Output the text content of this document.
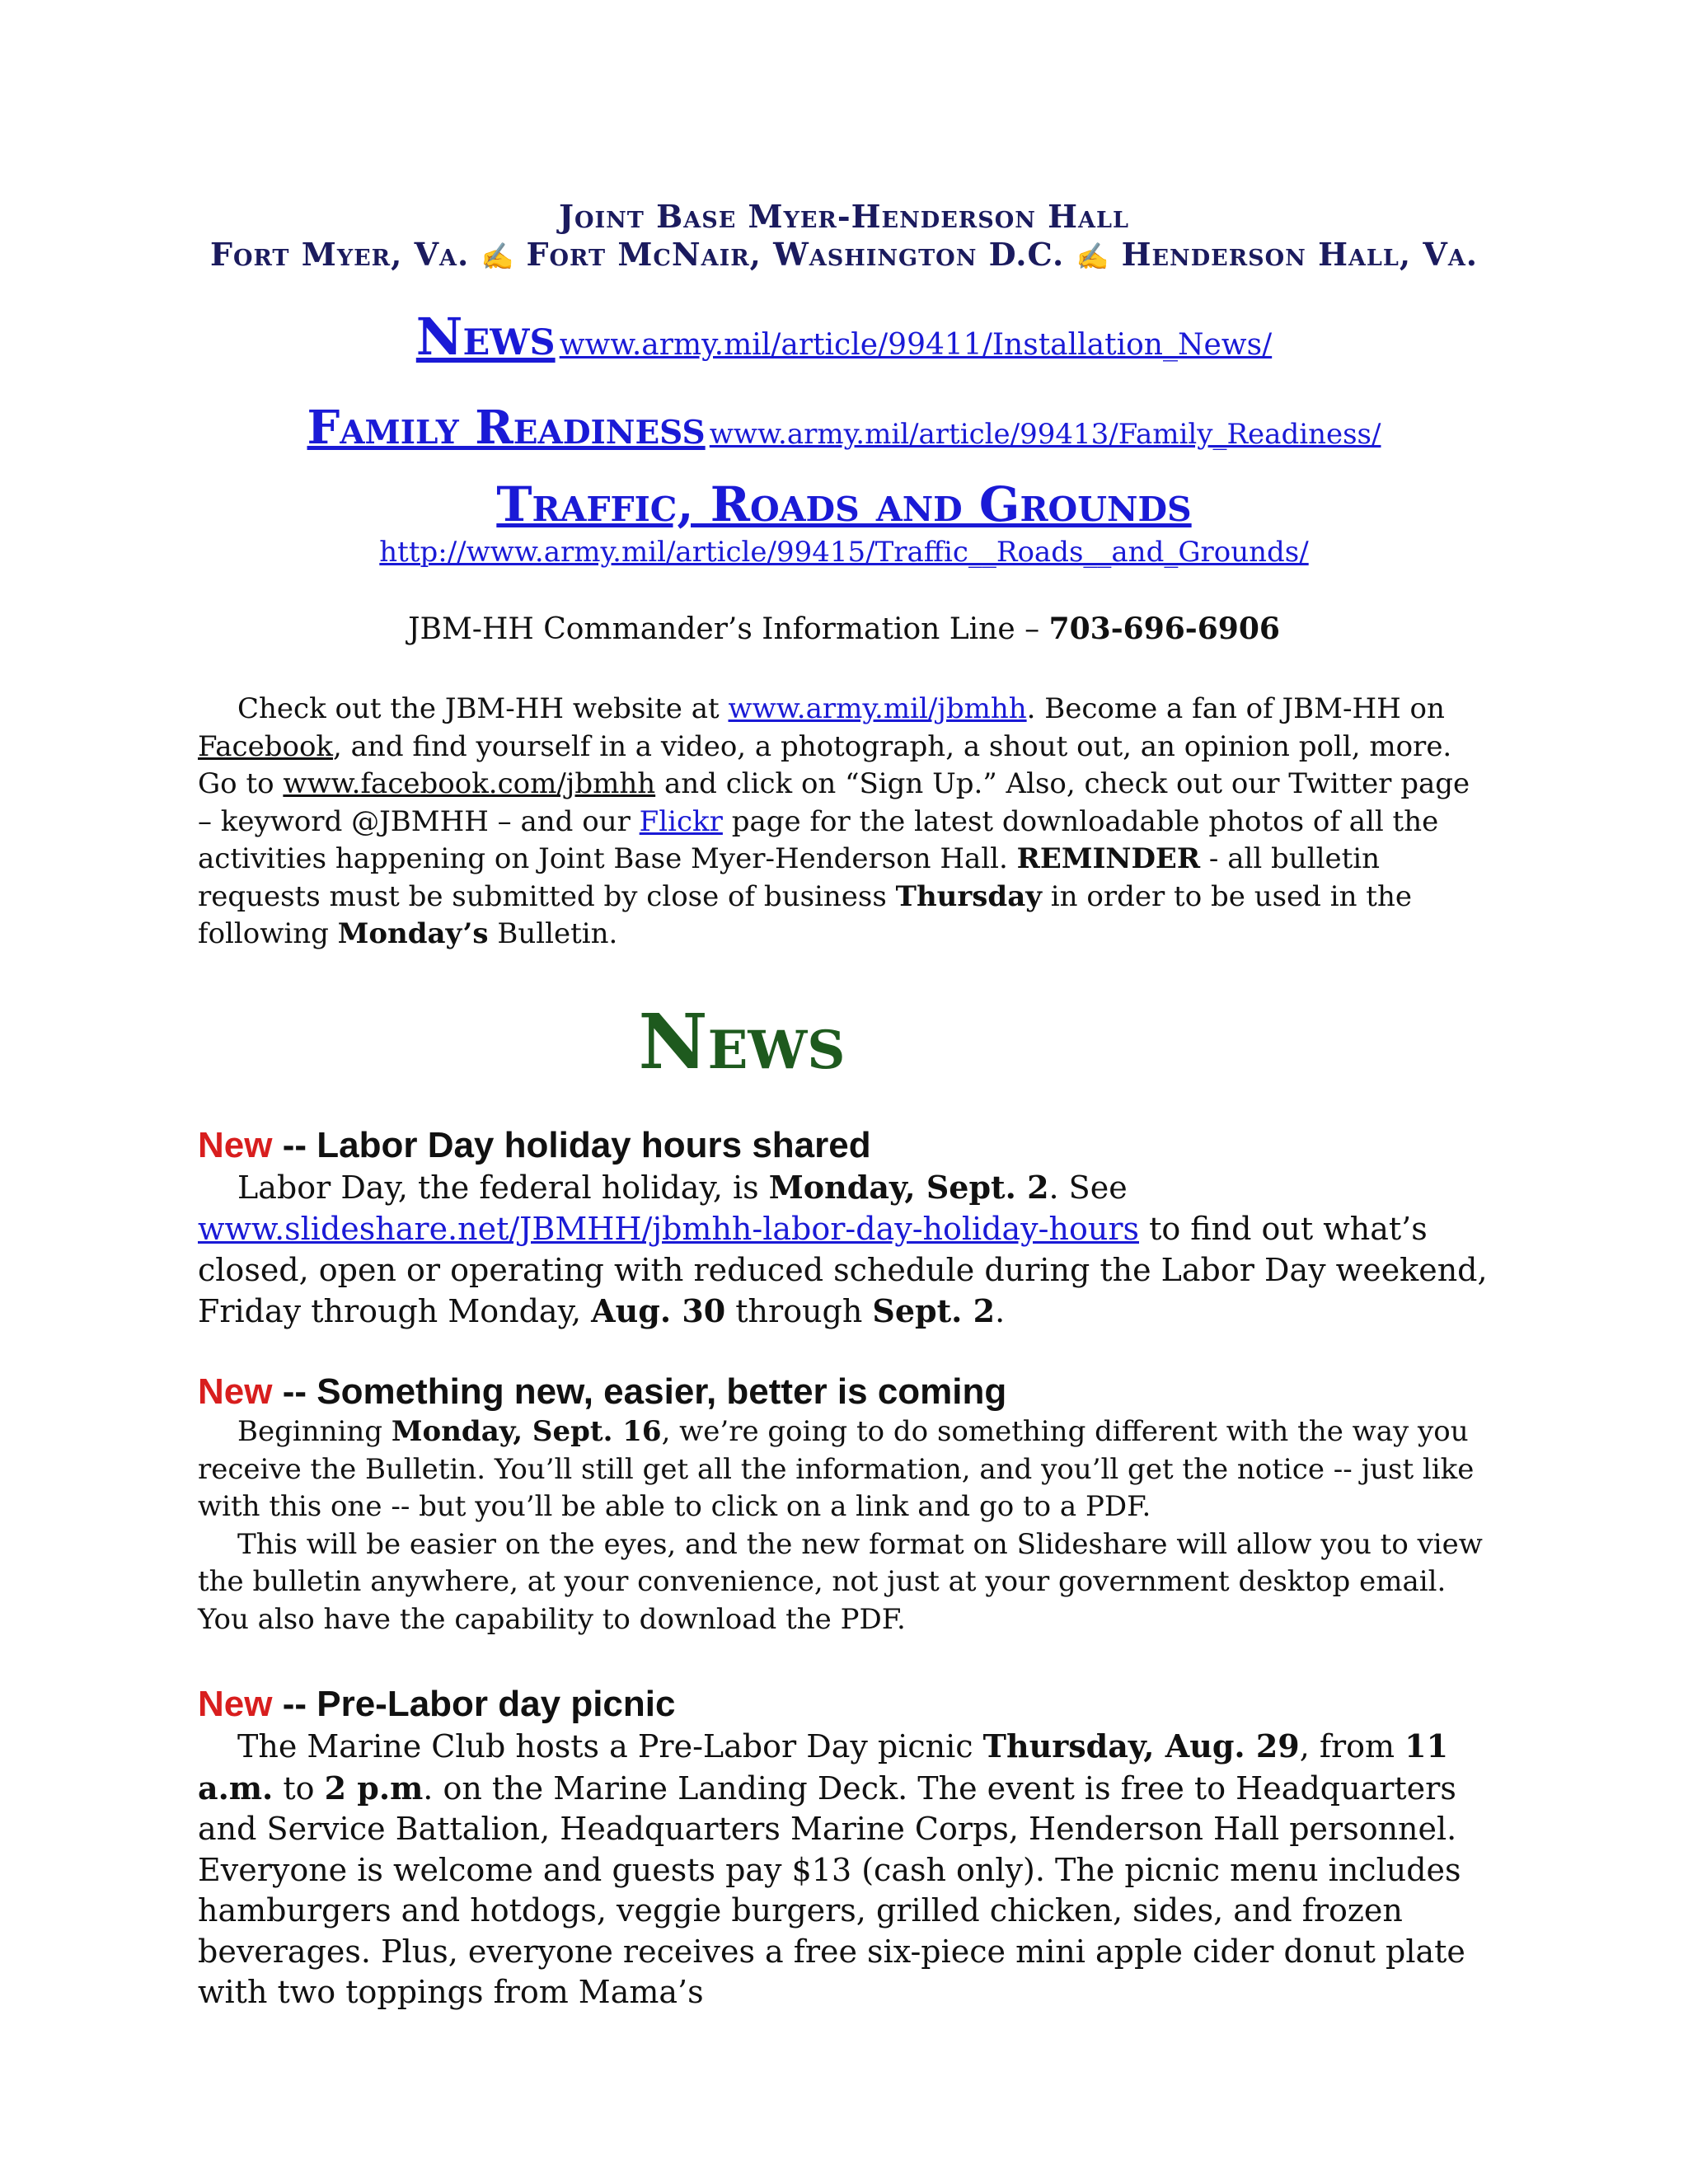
Joint Base Myer-Henderson Hall
Fort Myer, Va. ✍ Fort McNair, Washington D.C. ✍ Henderson Hall, Va.
News www.army.mil/article/99411/Installation_News/
Family Readiness www.army.mil/article/99413/Family_Readiness/
Traffic, Roads and Grounds
http://www.army.mil/article/99415/Traffic__Roads__and_Grounds/
JBM-HH Commander’s Information Line – 703-696-6906

Check out the JBM-HH website at www.army.mil/jbmhh. Become a fan of JBM-HH on Facebook, and find yourself in a video, a photograph, a shout out, an opinion poll, more. Go to www.facebook.com/jbmhh and click on “Sign Up.” Also, check out our Twitter page – keyword @JBMHH – and our Flickr page for the latest downloadable photos of all the activities happening on Joint Base Myer-Henderson Hall. REMINDER - all bulletin requests must be submitted by close of business Thursday in order to be used in the following Monday’s Bulletin.

News
New -- Labor Day holiday hours shared

Labor Day, the federal holiday, is Monday, Sept. 2. See www.slideshare.net/JBMHH/jbmhh-labor-day-holiday-hours to find out what’s closed, open or operating with reduced schedule during the Labor Day weekend, Friday through Monday, Aug. 30 through Sept. 2.

New -- Something new, easier, better is coming

Beginning Monday, Sept. 16, we’re going to do something different with the way you receive the Bulletin. You’ll still get all the information, and you’ll get the notice -- just like with this one -- but you’ll be able to click on a link and go to a PDF.

This will be easier on the eyes, and the new format on Slideshare will allow you to view the bulletin anywhere, at your convenience, not just at your government desktop email. You also have the capability to download the PDF.

New -- Pre-Labor day picnic

The Marine Club hosts a Pre-Labor Day picnic Thursday, Aug. 29, from 11 a.m. to 2 p.m. on the Marine Landing Deck. The event is free to Headquarters and Service Battalion, Headquarters Marine Corps, Henderson Hall personnel. Everyone is welcome and guests pay $13 (cash only). The picnic menu includes hamburgers and hotdogs, veggie burgers, grilled chicken, sides, and frozen beverages. Plus, everyone receives a free six-piece mini apple cider donut plate with two toppings from Mama’s
